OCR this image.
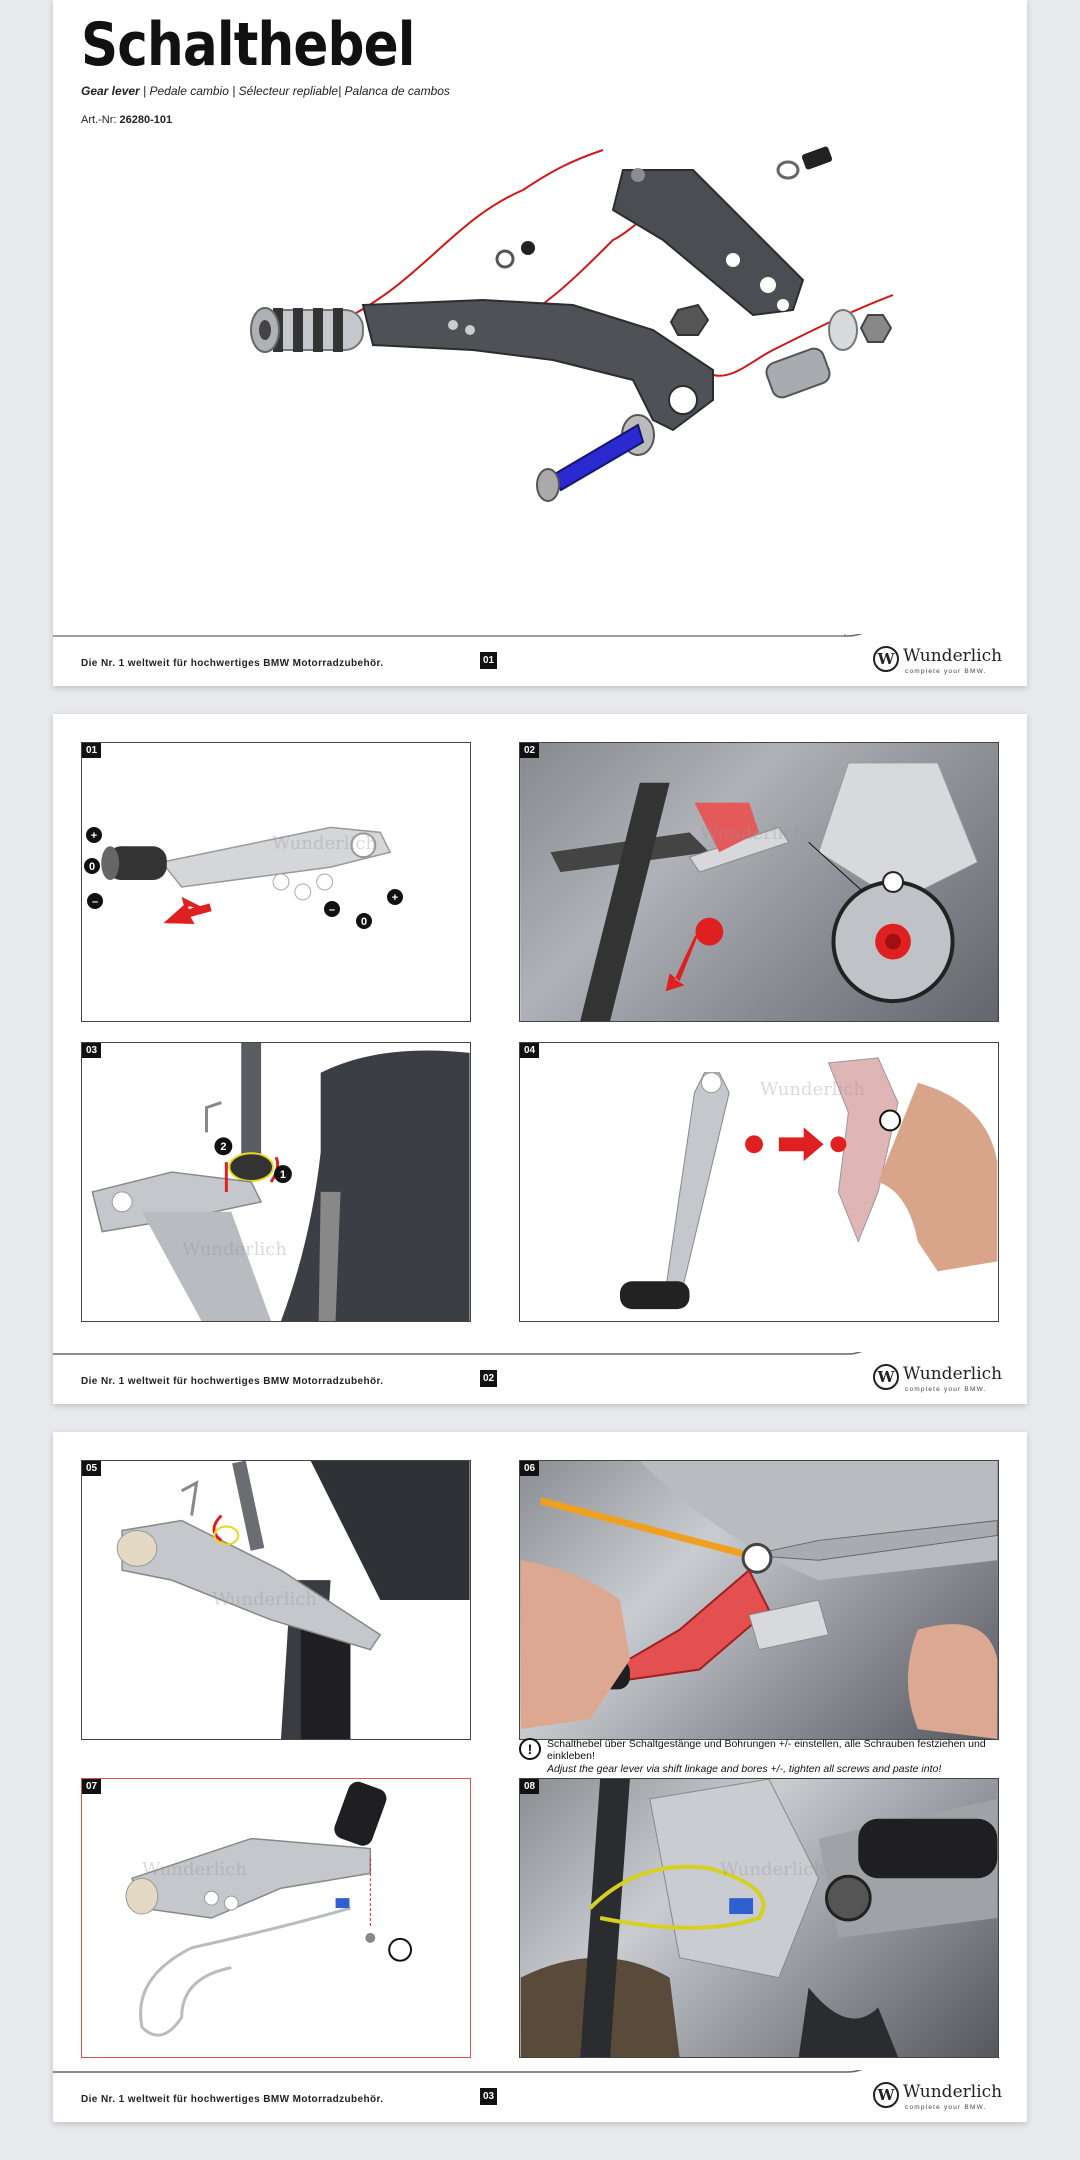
Schalthebel
Gear lever | Pedale cambio | Sélecteur repliable| Palanca de cambos
Art.-Nr: 26280-101
Die Nr. 1 weltweit für hochwertiges BMW Motorradzubehör.	01	W Wunderlich
complete your BMW.
01
Wunderlich
+
0
–
–
0
+
02
Wunderlich
03
2
1
Wunderlich
04
Wunderlich
Die Nr. 1 weltweit für hochwertiges BMW Motorradzubehör.	02	W Wunderlich
complete your BMW.
05
Wunderlich
06
!	Schalthebel über Schaltgestänge und Bohrungen +/- einstellen, alle Schrauben festziehen und einkleben!
Adjust the gear lever via shift linkage and bores +/-, tighten all screws and paste into!
07
Wunderlich
08
Wunderlich
Die Nr. 1 weltweit für hochwertiges BMW Motorradzubehör.	03	W Wunderlich
complete your BMW.
